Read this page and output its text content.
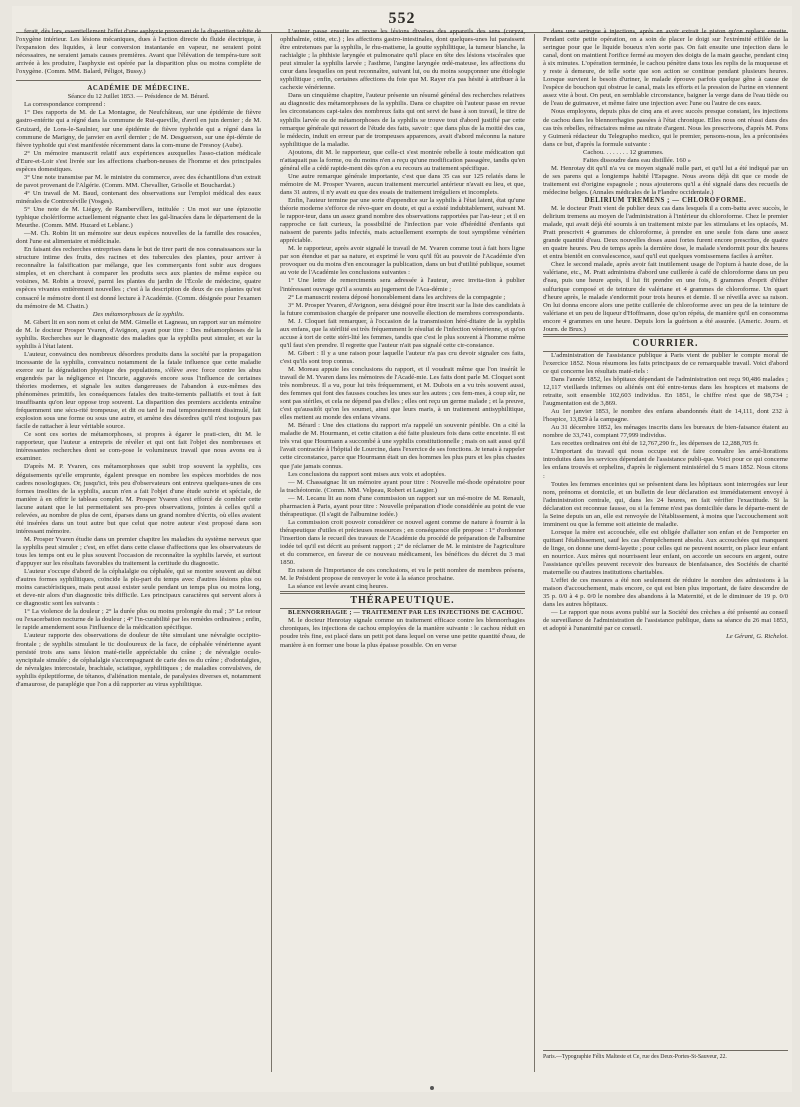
552

ferait, dès lors, essentiellement l'effet d'une asphyxie provenant de la disparition subite de l'oxygène intérieur. Les lésions mécaniques, dues à l'action directe du fluide électrique, à l'expansion des liquides, à leur conversion instantanée en vapeur, ne seraient point nécessaires, ne seraient jamais causes premières. Avant que l'élévation de tempéra-ture soit arrivée à les produire, l'asphyxie est opérée par la disparition plus ou moins complète de l'oxygène. (Comm. MM. Balard, Péligot, Bussy.)

ACADÉMIE DE MÉDECINE.

Séance du 12 Juillet 1853. — Présidence de M. Bérard.

La correspondance comprend :

1° Des rapports de M. de La Montagne, de Neufchâteau, sur une épidémie de fièvre gastro-entérite qui a régné dans la commune de Rui-queville, d'avril en juin dernier ; de M. Gruizard, de Lons-le-Saulnier, sur une épidémie de fièvre typhoïde qui a régné dans la commune de Marigny, de janvier en avril dernier ; de M. Desguerson, sur une épi-démie de fièvre typhoïde qui s'est manifestée récemment dans la com-mune de Fresnoy (Aube).

2° Un mémoire manuscrit relatif aux expériences auxquelles l'asso-ciation médicale d'Eure-et-Loir s'est livrée sur les affections charbon-neuses de l'homme et des principales espèces domestiques.

3° Une note transmise par M. le ministre du commerce, avec des échantillons d'un extrait de pavot provenant de l'Algérie. (Comm. MM. Chevallier, Grisolle et Bouchardat.)

4° Un travail de M. Baud, contenant des observations sur l'emploi médical des eaux minérales de Contrexéville (Vosges).

5° Une note de M. Liégey, de Rambervillers, intitulée : Un mot sur une épizootie typhique cholériforme actuellement régnante chez les gal-linacées dans le département de la Meurthe. (Comm. MM. Huzard et Leblanc.)

—M. Ch. Robin lit un mémoire sur deux espèces nouvelles de la famille des rosacées, dont l'une est alimentaire et médicinale.

En faisant des recherches entreprises dans le but de tirer parti de nos connaissances sur la structure intime des fruits, des racines et des tubercules des plantes, pour arriver à reconnaître la falsification par mélange, que les commerçants font subir aux drogues simples, et en cherchant à comparer les produits secs aux plantes de même espèce ou voisines, M. Robin a trouvé, parmi les plantes du jardin de l'École de médecine, quatre espèces vivantes entièrement nouvelles ; c'est à la description de deux de ces plantes qu'est consacré le mémoire dont il est donné lecture à l'Académie. (Comm. désignée pour l'examen du mémoire de M. Chatin.)

Des métamorphoses de la syphilis.

M. Gibert lit en son nom et celui de MM. Gimelle et Lagneau, un rapport sur un mémoire de M. le docteur Prosper Yvaren, d'Avignon, ayant pour titre : Des métamorphoses de la syphilis. Recherches sur le diagnostic des maladies que la syphilis peut simuler, et sur la syphilis à l'état latent.

L'auteur, convaincu des nombreux désordres produits dans la société par la propagation incessante de la syphilis, convaincu notamment de la fatale influence que cette maladie exerce sur la dégradation physique des populations, s'élève avec force contre les abus engendrés par la négligence et l'incurie, aggravés encore sous l'influence de certaines théories modernes, et signale les suites dangereuses de l'abandon à eux-mêmes des phénomènes primitifs, les conséquences fatales des traite-tements palliatifs et tout à fait insuffisants qu'on leur oppose trop souvent. La disparition des premiers accidents entraîne fréquemment une sécu-rité trompeuse, et dit ou tard le mal temporairement dissimulé, fait explosion sous une forme ou sous une autre, et amène des désordres qu'il n'est toujours pas facile de rattacher à leur véritable source.

Ce sont ces sortes de métamorphoses, si propres à égarer le prati-cien, dit M. le rapporteur, que l'auteur a entrepris de révéler et qui ont fait l'objet des nombreuses et intéressantes recherches dont se com-pose le volumineux travail que nous avons eu à examiner.

D'après M. P. Yvaren, ces métamorphoses que subit trop souvent la syphilis, ces déguisements qu'elle emprunte, égalent presque en nombre les espèces morbides de nos cadres nosologiques. Or, jusqu'ici, très peu d'observateurs ont entrevu quelques-unes de ces formes insolites de la syphilis, aucun n'en a fait l'objet d'une étude suivie et spéciale, de manière à en offrir le tableau complet. M. Prosper Yvaren s'est efforcé de combler cette lacune autant que le lui permettaient ses pro-pres observations, jointes à celles qu'il a relevées, au nombre de plus de cent, éparses dans un grand nombre d'écrits, où elles avaient été insérées dans un tout autre but que celui que notre auteur s'est proposé dans son intéressant mémoire.

M. Prosper Yvaren étudie dans un premier chapitre les maladies du système nerveux que la syphilis peut simuler ; c'est, en effet dans cette classe d'affections que les observateurs de tous les temps ont eu le plus souvent l'occasion de reconnaître la syphilis larvée, et surtout d'appuyer sur les résultats favorables du traitement la certitude du diagnostic.

L'auteur s'occupe d'abord de la céphalalgie ou céphalée, qui se montre souvent au début d'autres formes syphilitiques, coïncide la plu-part du temps avec d'autres lésions plus ou moins caractéristiques, mais peut aussi exister seule pendant un temps plus ou moins long, et deve-nir alors d'un diagnostic très difficile. Les principaux caractères qui servent alors à ce diagnostic sont les suivants :

1° La violence de la douleur ; 2° la durée plus ou moins prolongée du mal ; 3° Le retour ou l'exacerbation nocturne de la douleur ; 4° l'in-curabilité par les remèdes ordinaires ; enfin, le rapide amendement sous l'influence de la médication spécifique.

L'auteur rapporte des observations de douleur de tête simulant une névralgie occipito-frontale ; de syphilis simulant le tic douloureux de la face, de céphalée vénérienne ayant persisté trois ans sans lésion maté-rielle appréciable du crâne ; de névralgie oculo-syncipitale simulée ; de céphalalgie s'accompagnant de carie des os du crâne ; d'odontalgies, de névralgies intercostale, brachiale, sciatique, syphilitiques ; de maladies convulsives, de syphilis épileptiforme, de tétanos, d'aliénation mentale, de paralysies diverses et, notamment d'amaurose, de paraplégie que l'on a dû rapporter au virus syphilitique.

L'auteur passe ensuite en revue les lésions diverses des appareils des sens (coryza, ophthalmie, otite, etc.) ; les affections gastro-intestinales, dont quelques-unes lui paraissent être entretenues par la syphilis, le rhu-matisme, la goutte syphilitique, la tumeur blanche, la rachialgie ; la phthisie laryngée et pulmonaire qu'il place en tête des lésions viscérales que peut simuler la syphilis larvée ; l'asthme, l'angine laryngée œdé-mateuse, les affections du cœur dans lesquelles on peut reconnaître, suivant lui, ou du moins soupçonner une étiologie syphilitique ; enfin, certaines affections du foie que M. Rayer n'a pas hésité à attribuer à la cachexie vénérienne.

Dans un cinquième chapitre, l'auteur présente un résumé général des recherches relatives au diagnostic des métamorphoses de la syphilis. Dans ce chapitre où l'auteur passe en revue les circonstances capi-tales des nombreux faits qui ont servi de base à son travail, le titre de syphilis larvée ou de métamorphoses de la syphilis se trouve tout d'abord justifié par cette remarque générale qui ressort de l'étude des faits, savoir : que dans plus de la moitié des cas, le médecin, induit en erreur par de trompeuses apparences, avait d'abord méconnu la nature syphilitique de la maladie.

Ajoutons, dit M. le rapporteur, que celle-ci s'est montrée rebelle à toute médication qui n'attaquait pas la forme, ou du moins n'en a reçu qu'une modification passagère, tandis qu'en général elle a cédé rapide-ment dès qu'on a eu recours au traitement spécifique.

Une autre remarque générale importante, c'est que dans 35 cas sur 125 relatés dans le mémoire de M. Prosper Yvaren, aucun traitement mercuriel antérieur n'avait eu lieu, et que, dans 31 autres, il n'y avait eu que des essais de traitement irréguliers et incomplets.

Enfin, l'auteur termine par une sorte d'appendice sur la syphilis à l'état latent, état qu'une théorie moderne s'efforce de révo-quer en doute, et qui a existé indubitablement, suivant M. le rappor-teur, dans un assez grand nombre des observations rapportées par l'au-teur ; et il en rapproche ce fait curieux, la possibilité de l'infection par voie d'hérédité d'enfants qui naissent de parents jadis infectés, mais actuellement exempts de tout symptôme vénérien appréciable.

M. le rapporteur, après avoir signalé le travail de M. Yvaren comme tout à fait hors ligne par son étendue et par sa nature, et exprimé le vœu qu'il fût au pouvoir de l'Académie d'en provoquer ou du moins d'en encourager la publication, dans un but d'utilité publique, soumet au vote de l'Académie les conclusions suivantes :

1° Une lettre de remerciments sera adressée à l'auteur, avec invita-tion à publier l'intéressant ouvrage qu'il a soumis au jugement de l'Aca-démie ;

2° Le manuscrit restera déposé honorablement dans les archives de la compagnie ;

3° M. Prosper Yvaren, d'Avignon, sera désigné pour être inscrit sur la liste des candidats à la future commission chargée de préparer une nouvelle élection de membres correspondants.

M. J. Cloquet fait remarquer, à l'occasion de la transmission héré-ditaire de la syphilis aux enfans, que la stérilité est très fréquemment le résultat de l'infection vénérienne, et qu'on accuse à tort de cette stéri-lité les femmes, tandis que c'est le plus souvent à l'homme même qu'il faut s'en prendre. Il regrette que l'auteur n'ait pas signalé cette cir-constance.

M. Gibert : Il y a une raison pour laquelle l'auteur n'a pas cru devoir signaler ces faits, c'est qu'ils sont trop connus.

M. Moreau appuie les conclusions du rapport, et il voudrait même que l'on insérât le travail de M. Yvaren dans les mémoires de l'Acadé-mie. Les faits dont parle M. Cloquet sont très nombreux. Il a vu, pour lui très fréquemment, et M. Dubois en a vu très souvent aussi, des femmes qui font des fausses couches les unes sur les autres ; ces fem-mes, à coup sûr, ne sont pas stériles, et cela ne dépend pas d'elles ; elles ont reçu un germe malade ; et la preuve, c'est qu'aussitôt qu'on les soumet, ainsi que leurs maris, à un traitement antisyphilitique, elles mettent au monde des enfans vivans.

M. Bérard : Une des citations du rapport m'a rappelé un souvenir pénible. On a cité la maladie de M. Hourmann, et cette citation a été faite plusieurs fois dans cette enceinte. Il est très vrai que Hourmann a succombé à une syphilis constitutionnelle ; mais on sait aussi qu'il l'avait contractée à l'hôpital de Lourcine, dans l'exercice de ses fonctions. Je tenais à rappeler cette circonstance, parce que Hourmann était un des hommes les plus purs et les plus chastes que j'aie jamais connus.

Les conclusions du rapport sont mises aux voix et adoptées.

— M. Chassaignac lit un mémoire ayant pour titre : Nouvelle mé-thode opératoire pour la trachéotomie. (Comm. MM. Velpeau, Robert et Laugier.)

— M. Lecanu lit au nom d'une commission un rapport sur un mé-moire de M. Renault, pharmacien à Paris, ayant pour titre : Nouvelle préparation d'iode considérée au point de vue thérapeutique. (Il s'agit de l'albumine iodée.)

La commission croit pouvoir considérer ce nouvel agent comme de nature à fournir à la thérapeutique d'utiles et précieuses ressources ; en conséquence elle propose : 1° d'ordonner l'insertion dans le recueil des travaux de l'Académie du procédé de préparation de l'albumine iodée tel qu'il est décrit au présent rapport ; 2° de réclamer de M. le ministre de l'agriculture et du commerce, en faveur de ce nouveau médicament, les bénéfices du décret du 3 mai 1850.

En raison de l'importance de ces conclusions, et vu le petit nombre de membres présens, M. le Président propose de renvoyer le vote à la séance prochaine.

La séance est levée avant cinq heures.

THÉRAPEUTIQUE.

BLENNORRHAGIE ; — TRAITEMENT PAR LES INJECTIONS DE CACHOU.

M. le docteur Henrotay signale comme un traitement efficace contre les blennorrhagies chroniques, les injections de cachou employées de la manière suivante : le cachou réduit en poudre très fine, est placé dans un petit pot dans lequel on verse une petite quantité d'eau, de manière à en former une boue la plus épaisse possible. On en verse

dans une seringue à injections, après en avoir extrait le piston qu'on replace ensuite. Pendant cette petite opération, on a soin de placer le doigt sur l'extrémité effilée de la seringue pour que le liquide boueux n'en sorte pas. On fait ensuite une injection dans le canal, dont on maintient l'orifice fermé au moyen des doigts de la main gauche, pendant cinq à six minutes. L'opération terminée, le cachou pénètre dans tous les replis de la muqueuse et y reste à demeure, de telle sorte que son action se continue pendant plusieurs heures. Lorsque survient le besoin d'uriner, le malade éprouve parfois quelque gêne à cause de l'espèce de bouchon qui obstrue le canal, mais les efforts et la pression de l'urine en viennent assez vite à bout. On peut, en semblable circonstance, baigner la verge dans de l'eau tiède ou de l'eau de guimauve, et même faire une injection avec l'une ou l'autre de ces eaux.

Nous employons, depuis plus de cinq ans et avec succès presque constant, les injections de cachou dans les blennorrhagies passées à l'état chronique. Elles nous ont réussi dans des cas très rebelles, réfractaires même au nitrate d'argent. Nous les prescrivons, d'après M. Pons y Guimerà rédacteur du Telegrapho medico, qui le premier, pensons-nous, les a préconisées dans ce but, d'après la formule suivante :

Cachou. . . . . . . . 12 grammes.

Faites dissoudre dans eau distillée. 160 »

M. Henrotay dit qu'il n'a vu ce moyen signalé nulle part, et qu'il lui a été indiqué par un de ses parens qui a longtemps habité l'Espagne. Nous avons déjà dit que ce mode de traitement est d'origine espagnole ; nous ajouterons qu'il a été signalé dans des recueils de médecine belges. (Annales médicales de la Flandre occidentale.)

DELIRIUM TREMENS ; — CHLOROFORME.

M. le docteur Pratt vient de publier deux cas dans lesquels il a com-battu avec succès, le delirium tremens au moyen de l'administration à l'intérieur du chloroforme. Chez le premier malade, qui avait déjà été soumis à un traitement mixte par les stimulans et les opiacés, M. Pratt prescrivit 4 grammes de chloroforme, à prendre en une seule fois dans une assez grande quantité d'eau. Deux nouvelles doses aussi fortes furent encore prescrites, de quatre en quatre heures. Peu de temps après la dernière dose, le malade s'endormit pour dix heures et entra bientôt en convalescence, sauf qu'il eut quelques vomissemens faciles à arrêter.

Chez le second malade, après avoir fait inutilement usage de l'opium à haute dose, de la valériane, etc., M. Pratt administra d'abord une cuillerée à café de chloroforme dans un peu d'eau, puis une heure après, il lui fit prendre en une fois, 8 grammes d'esprit d'éther sulfurique composé et de teinture de valériane et 4 grammes de chloroforme. Un quart d'heure après, le malade s'endormit pour trois heures et demie. Il se réveilla avec sa raison. On lui donna encore alors une petite cuillerée de chloroforme avec un peu de la teinture de valériane et un peu de liqueur d'Hoffmann, dose qu'on répéta, de manière qu'il en consomma encore 4 grammes en une heure. Depuis lors la guérison a été assurée. (Americ. Journ. et Journ. de Brux.)

COURRIER.

L'administration de l'assistance publique à Paris vient de publier le compte moral de l'exercice 1852. Nous résumons les faits principaux de ce remarquable travail. Voici d'abord ce qui concerne les résultats maté-riels :

Dans l'année 1852, les hôpitaux dépendant de l'administration ont reçu 90,486 malades ; 12,117 vieillards infirmes ou aliénés ont été entre-tenus dans les hospices et maisons de retraite, soit ensemble 102,603 individus. En 1851, le chiffre n'est que de 98,734 ; l'augmentation est de 3,869.

Au 1er janvier 1853, le nombre des enfans abandonnés était de 14,111, dont 232 à l'hospice, 13,829 à la campagne.

Au 31 décembre 1852, les ménages inscrits dans les bureaux de bien-faisance étaient au nombre de 33,741, comptant 77,999 individus.

Les recettes ordinaires ont été de 12,767,290 fr., les dépenses de 12,288,705 fr.

L'important du travail qui nous occupe est de faire connaître les amé-liorations introduites dans les services dépendant de l'assistance publi-que. Voici pour ce qui concerne les enfans trouvés et orphelins, d'après le règlement ministériel du 5 mars 1852. Nous citons :

Toutes les femmes enceintes qui se présentent dans les hôpitaux sont interrogées sur leur nom, prénoms et domicile, et un bulletin de leur déclaration est immédiatement envoyé à l'administration centrale, qui, dans les 24 heures, en fait vérifier l'exactitude. Si la déclaration est reconnue fausse, ou si la femme n'est pas domiciliée dans le départe-ment de la Seine depuis un an, elle est renvoyée de l'établissement, à moins que l'accouchement soit imminent ou que la femme soit atteinte de maladie.

Lorsque la mère est accouchée, elle est obligée d'allaiter son enfan et de l'emporter en quittant l'établissement, sauf les cas d'empêchement absolu. Aux accouchées qui manquent de linge, on donne une demi-layette ; pour celles qui ne peuvent nourrir, on place leur enfant en nourrice. Aux mères qui nourrissent leur enfant, on accorde un secours en argent, outre l'assistance qu'elles peuvent recevoir des bureaux de bienfaisance, des Sociétés de charité maternelle ou d'autres institutions charitables.

L'effet de ces mesures a été non seulement de réduire le nombre des admissions à la maison d'accouchement, mais encore, ce qui est bien plus important, de faire descendre de 35 p. 0/0 à 4 p. 0/0 le nombre des abandons à la Maternité, et de le diminuer de 19 p. 0/0 dans les autres hôpitaux.

— Le rapport que nous avons publié sur la Société des crèches a été présenté au conseil de surveillance de l'administration de l'assistance publique, dans sa séance du 26 mai 1853, et adopté à l'unanimité par ce conseil.

Le Gérant, G. Richelot.

Paris.—Typographie Félix Malteste et Ce, rue des Deux-Portes-St-Sauveur, 22.
